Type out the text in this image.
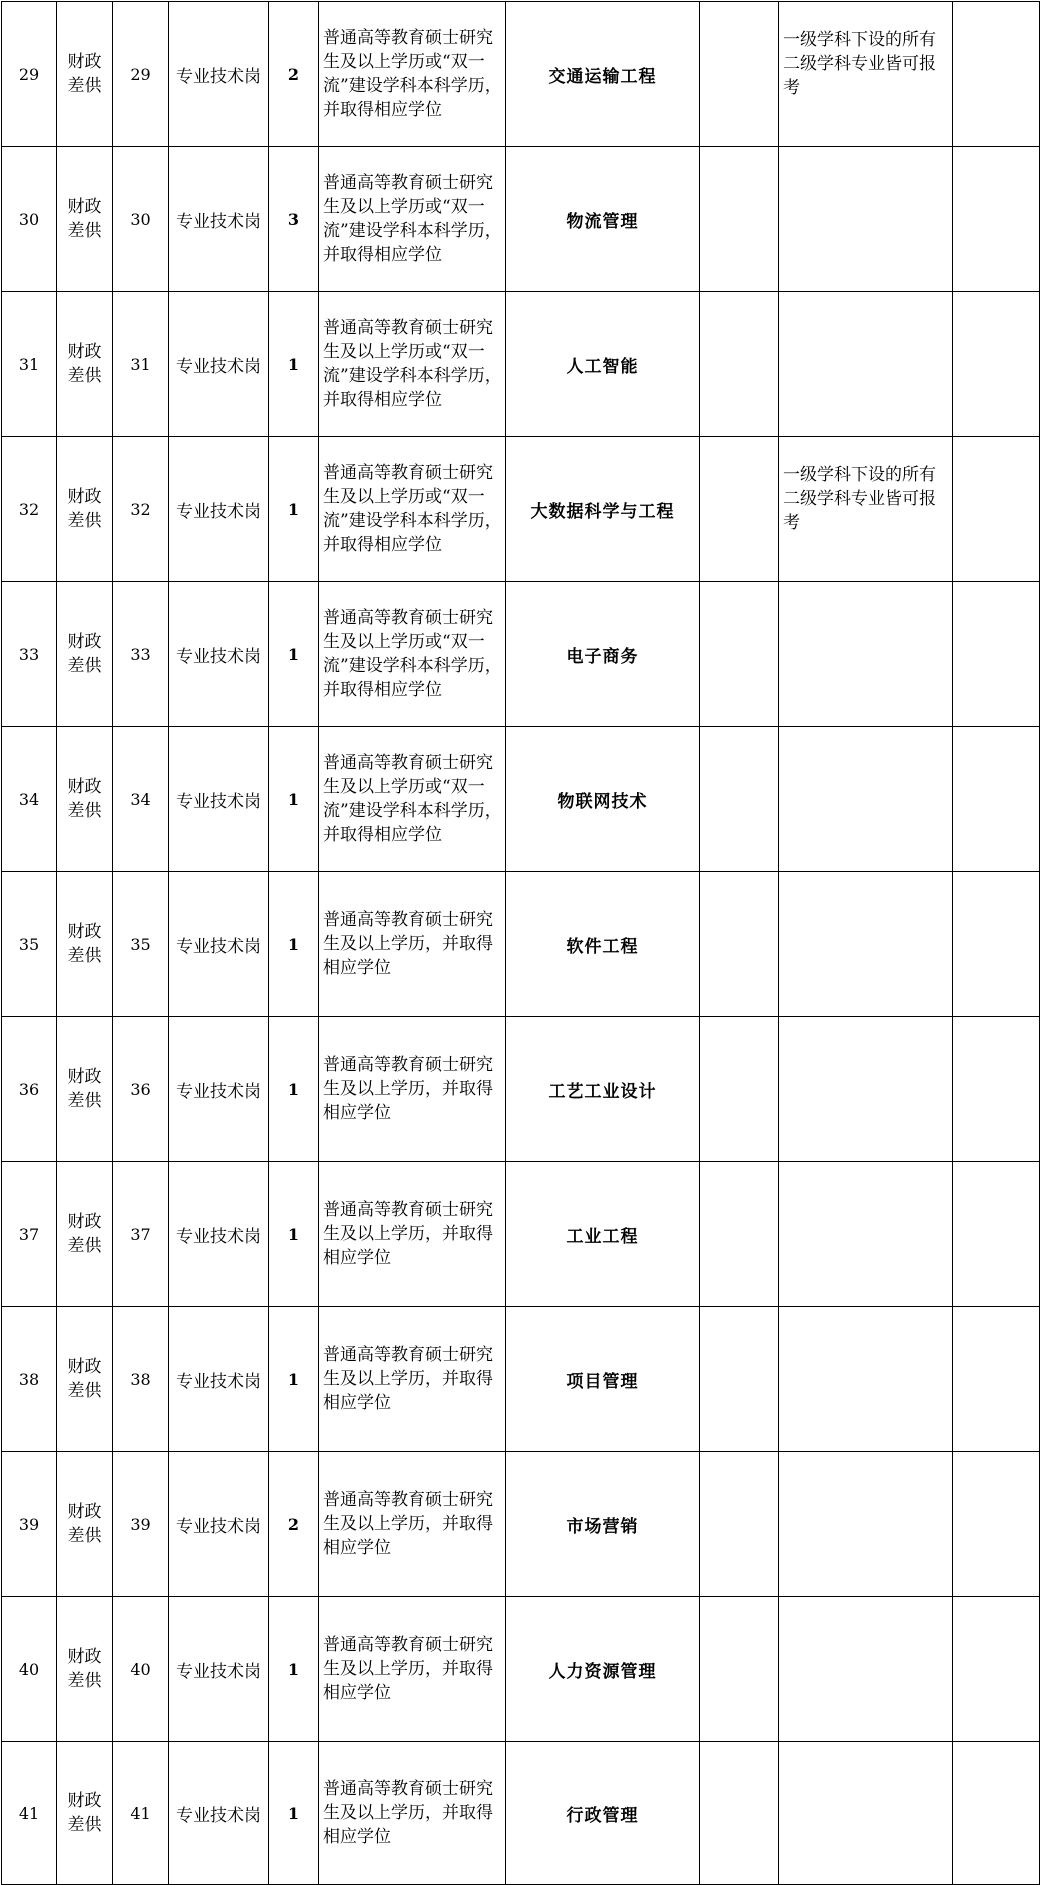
29	财政差供	29	专业技术岗	2	普通高等教育硕士研究生及以上学历或“双一流”建设学科本科学历，并取得相应学位	交通运输工程		一级学科下设的所有二级学科专业皆可报考	
30	财政差供	30	专业技术岗	3	普通高等教育硕士研究生及以上学历或“双一流”建设学科本科学历，并取得相应学位	物流管理			
31	财政差供	31	专业技术岗	1	普通高等教育硕士研究生及以上学历或“双一流”建设学科本科学历，并取得相应学位	人工智能			
32	财政差供	32	专业技术岗	1	普通高等教育硕士研究生及以上学历或“双一流”建设学科本科学历，并取得相应学位	大数据科学与工程		一级学科下设的所有二级学科专业皆可报考	
33	财政差供	33	专业技术岗	1	普通高等教育硕士研究生及以上学历或“双一流”建设学科本科学历，并取得相应学位	电子商务			
34	财政差供	34	专业技术岗	1	普通高等教育硕士研究生及以上学历或“双一流”建设学科本科学历，并取得相应学位	物联网技术			
35	财政差供	35	专业技术岗	1	普通高等教育硕士研究生及以上学历，并取得相应学位	软件工程			
36	财政差供	36	专业技术岗	1	普通高等教育硕士研究生及以上学历，并取得相应学位	工艺工业设计			
37	财政差供	37	专业技术岗	1	普通高等教育硕士研究生及以上学历，并取得相应学位	工业工程			
38	财政差供	38	专业技术岗	1	普通高等教育硕士研究生及以上学历，并取得相应学位	项目管理			
39	财政差供	39	专业技术岗	2	普通高等教育硕士研究生及以上学历，并取得相应学位	市场营销			
40	财政差供	40	专业技术岗	1	普通高等教育硕士研究生及以上学历，并取得相应学位	人力资源管理			
41	财政差供	41	专业技术岗	1	普通高等教育硕士研究生及以上学历，并取得相应学位	行政管理			
